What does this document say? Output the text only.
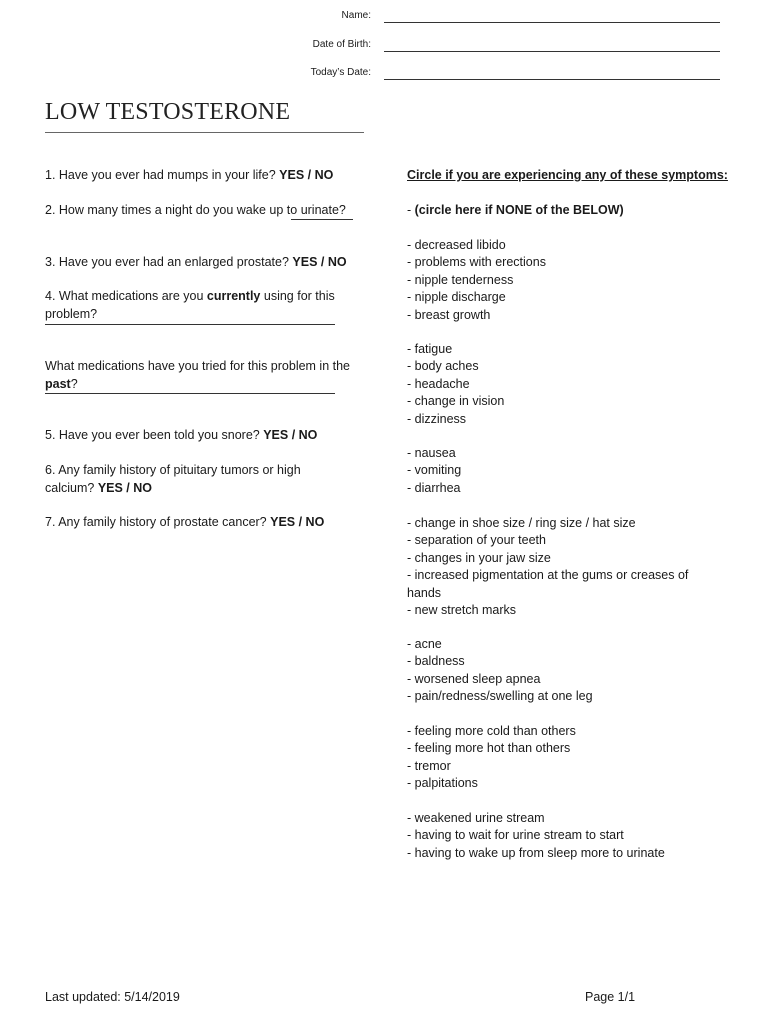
Name:
Date of Birth:
Today’s Date:
LOW TESTOSTERONE
1. Have you ever had mumps in your life? YES / NO
2. How many times a night do you wake up to urinate?
3. Have you ever had an enlarged prostate? YES / NO
4. What medications are you currently using for this problem?
What medications have you tried for this problem in the past?
5. Have you ever been told you snore? YES / NO
6. Any family history of pituitary tumors or high calcium? YES / NO
7. Any family history of prostate cancer? YES / NO
Circle if you are experiencing any of these symptoms:
- (circle here if NONE of the BELOW)
- decreased libido
- problems with erections
- nipple tenderness
- nipple discharge
- breast growth
- fatigue
- body aches
- headache
- change in vision
- dizziness
- nausea
- vomiting
- diarrhea
- change in shoe size / ring size / hat size
- separation of your teeth
- changes in your jaw size
- increased pigmentation at the gums or creases of hands
- new stretch marks
- acne
- baldness
- worsened sleep apnea
- pain/redness/swelling at one leg
- feeling more cold than others
- feeling more hot than others
- tremor
- palpitations
- weakened urine stream
- having to wait for urine stream to start
- having to wake up from sleep more to urinate
Last updated: 5/14/2019	Page 1/1
